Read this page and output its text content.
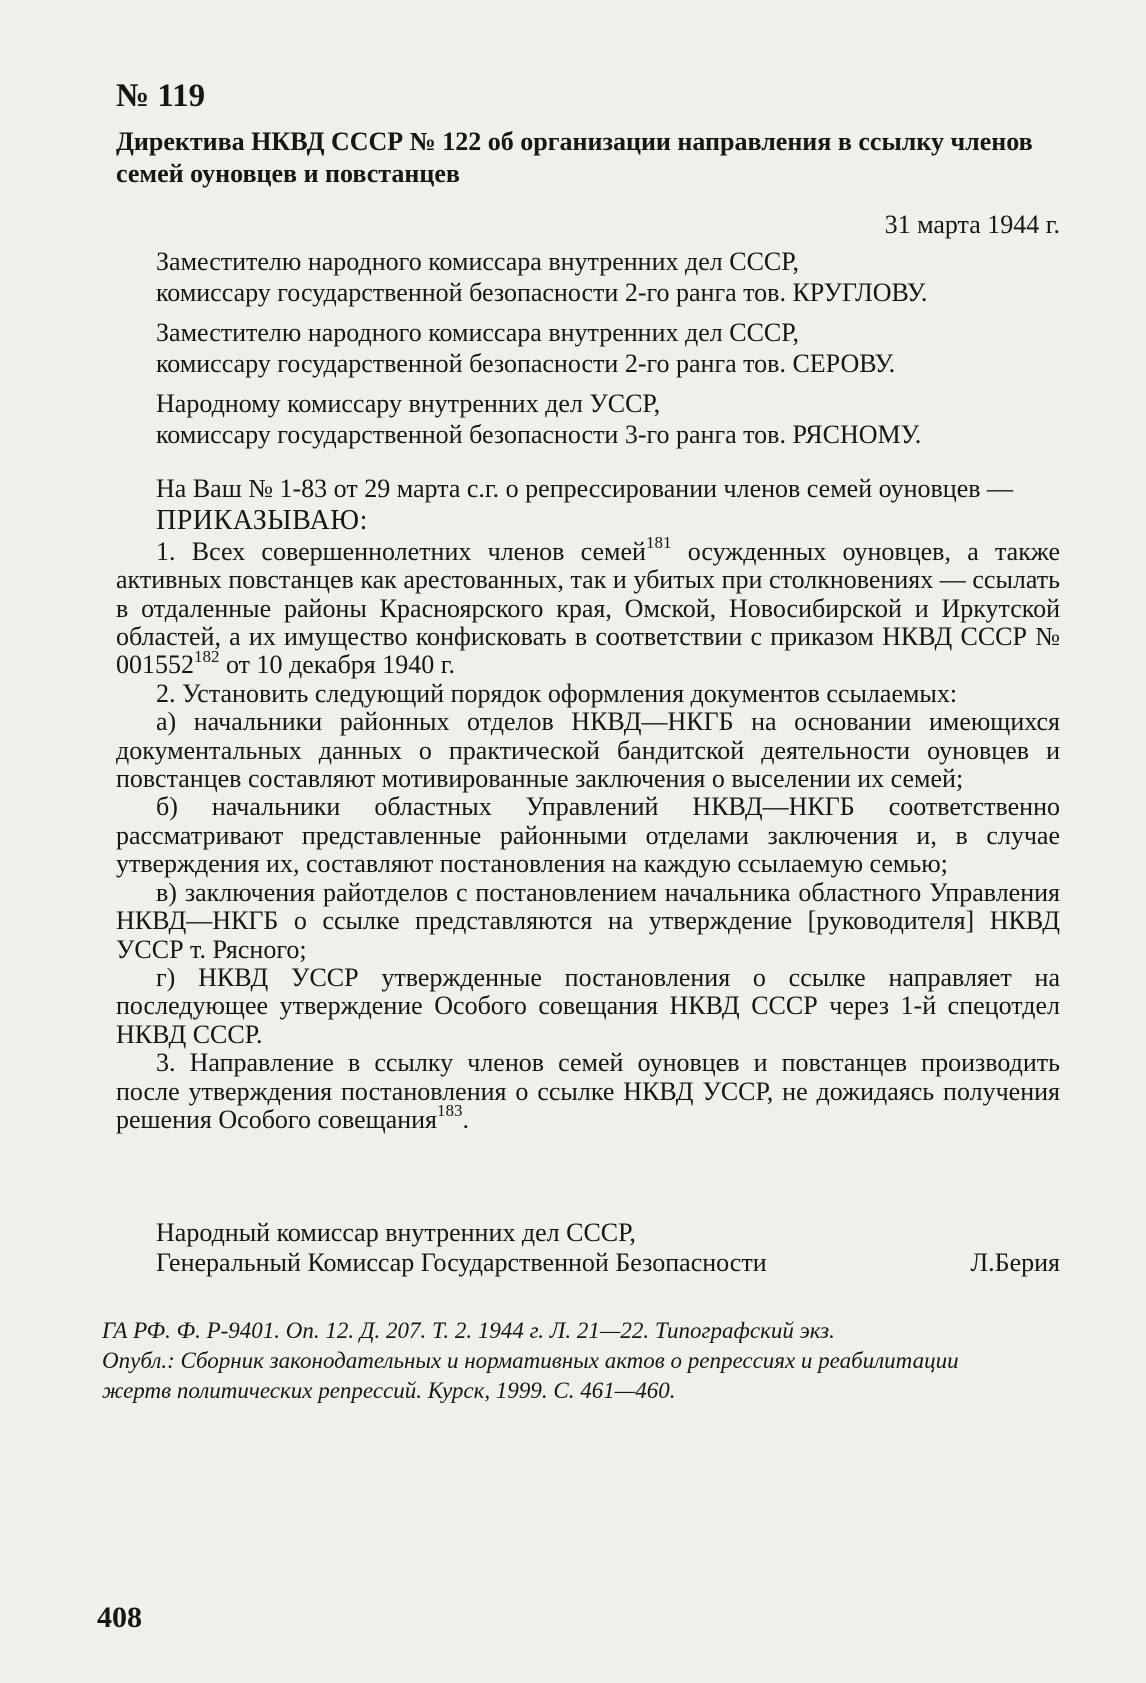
№ 119
Директива НКВД СССР № 122 об организации направления в ссылку членов семей оуновцев и повстанцев
31 марта 1944 г.
Заместителю народного комиссара внутренних дел СССР,
комиссару государственной безопасности 2-го ранга тов. КРУГЛОВУ.
Заместителю народного комиссара внутренних дел СССР,
комиссару государственной безопасности 2-го ранга тов. СЕРОВУ.
Народному комиссару внутренних дел УССР,
комиссару государственной безопасности 3-го ранга тов. РЯСНОМУ.

На Ваш № 1-83 от 29 марта с.г. о репрессировании членов семей оуновцев —

ПРИКАЗЫВАЮ:

1. Всех совершеннолетних членов семей$^{181}$ осужденных оуновцев, а также активных повстанцев как арестованных, так и убитых при столкновениях — ссылать в отдаленные районы Красноярского края, Омской, Новосибирской и Иркутской областей, а их имущество конфисковать в соответствии с приказом НКВД СССР № 001552$^{182}$ от 10 декабря 1940 г.

2. Установить следующий порядок оформления документов ссылаемых:

а) начальники районных отделов НКВД—НКГБ на основании имеющихся документальных данных о практической бандитской деятельности оуновцев и повстанцев составляют мотивированные заключения о выселении их семей;

б) начальники областных Управлений НКВД—НКГБ соответственно рассматривают представленные районными отделами заключения и, в случае утверждения их, составляют постановления на каждую ссылаемую семью;

в) заключения райотделов с постановлением начальника областного Управления НКВД—НКГБ о ссылке представляются на утверждение [руководителя] НКВД УССР т. Рясного;

г) НКВД УССР утвержденные постановления о ссылке направляет на последующее утверждение Особого совещания НКВД СССР через 1-й спецотдел НКВД СССР.

3. Направление в ссылку членов семей оуновцев и повстанцев производить после утверждения постановления о ссылке НКВД УССР, не дожидаясь получения решения Особого совещания$^{183}$.

Народный комиссар внутренних дел СССР,
Генеральный Комиссар Государственной Безопасности	Л.Берия
ГА РФ. Ф. Р-9401. Оп. 12. Д. 207. Т. 2. 1944 г. Л. 21—22. Типографский экз.
Опубл.: Сборник законодательных и нормативных актов о репрессиях и реабилитации
жертв политических репрессий. Курск, 1999. С. 461—460.
408
